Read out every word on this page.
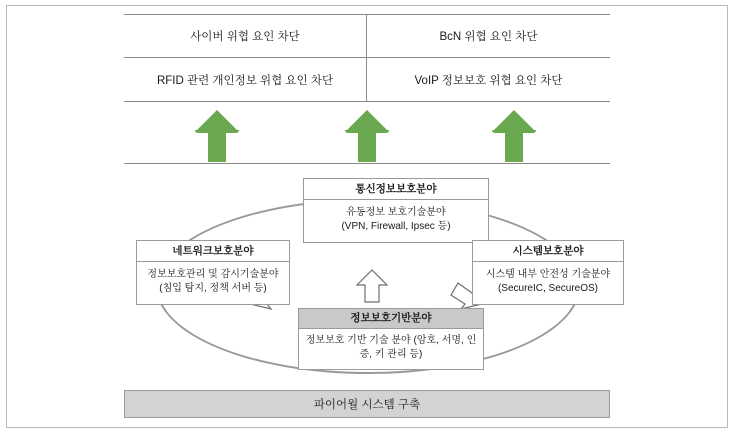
사이버 위협 요인 차단	BcN 위협 요인 차단
RFID 관련 개인정보 위협 요인 차단	VoIP 정보보호 위협 요인 차단
통신정보보호분야
유동정보 보호기술분야
(VPN, Firewall, Ipsec 등)
네트워크보호분야
정보보호관리 및 감시기술분야
(침입 탐지, 정책 서버 등)
시스템보호분야
시스템 내부 안전성 기술분야
(SecureIC, SecureOS)
정보보호기반분야
정보보호 기반 기술 분야 (암호, 서명, 인증, 키 관리 등)
파이어월 시스템 구축
